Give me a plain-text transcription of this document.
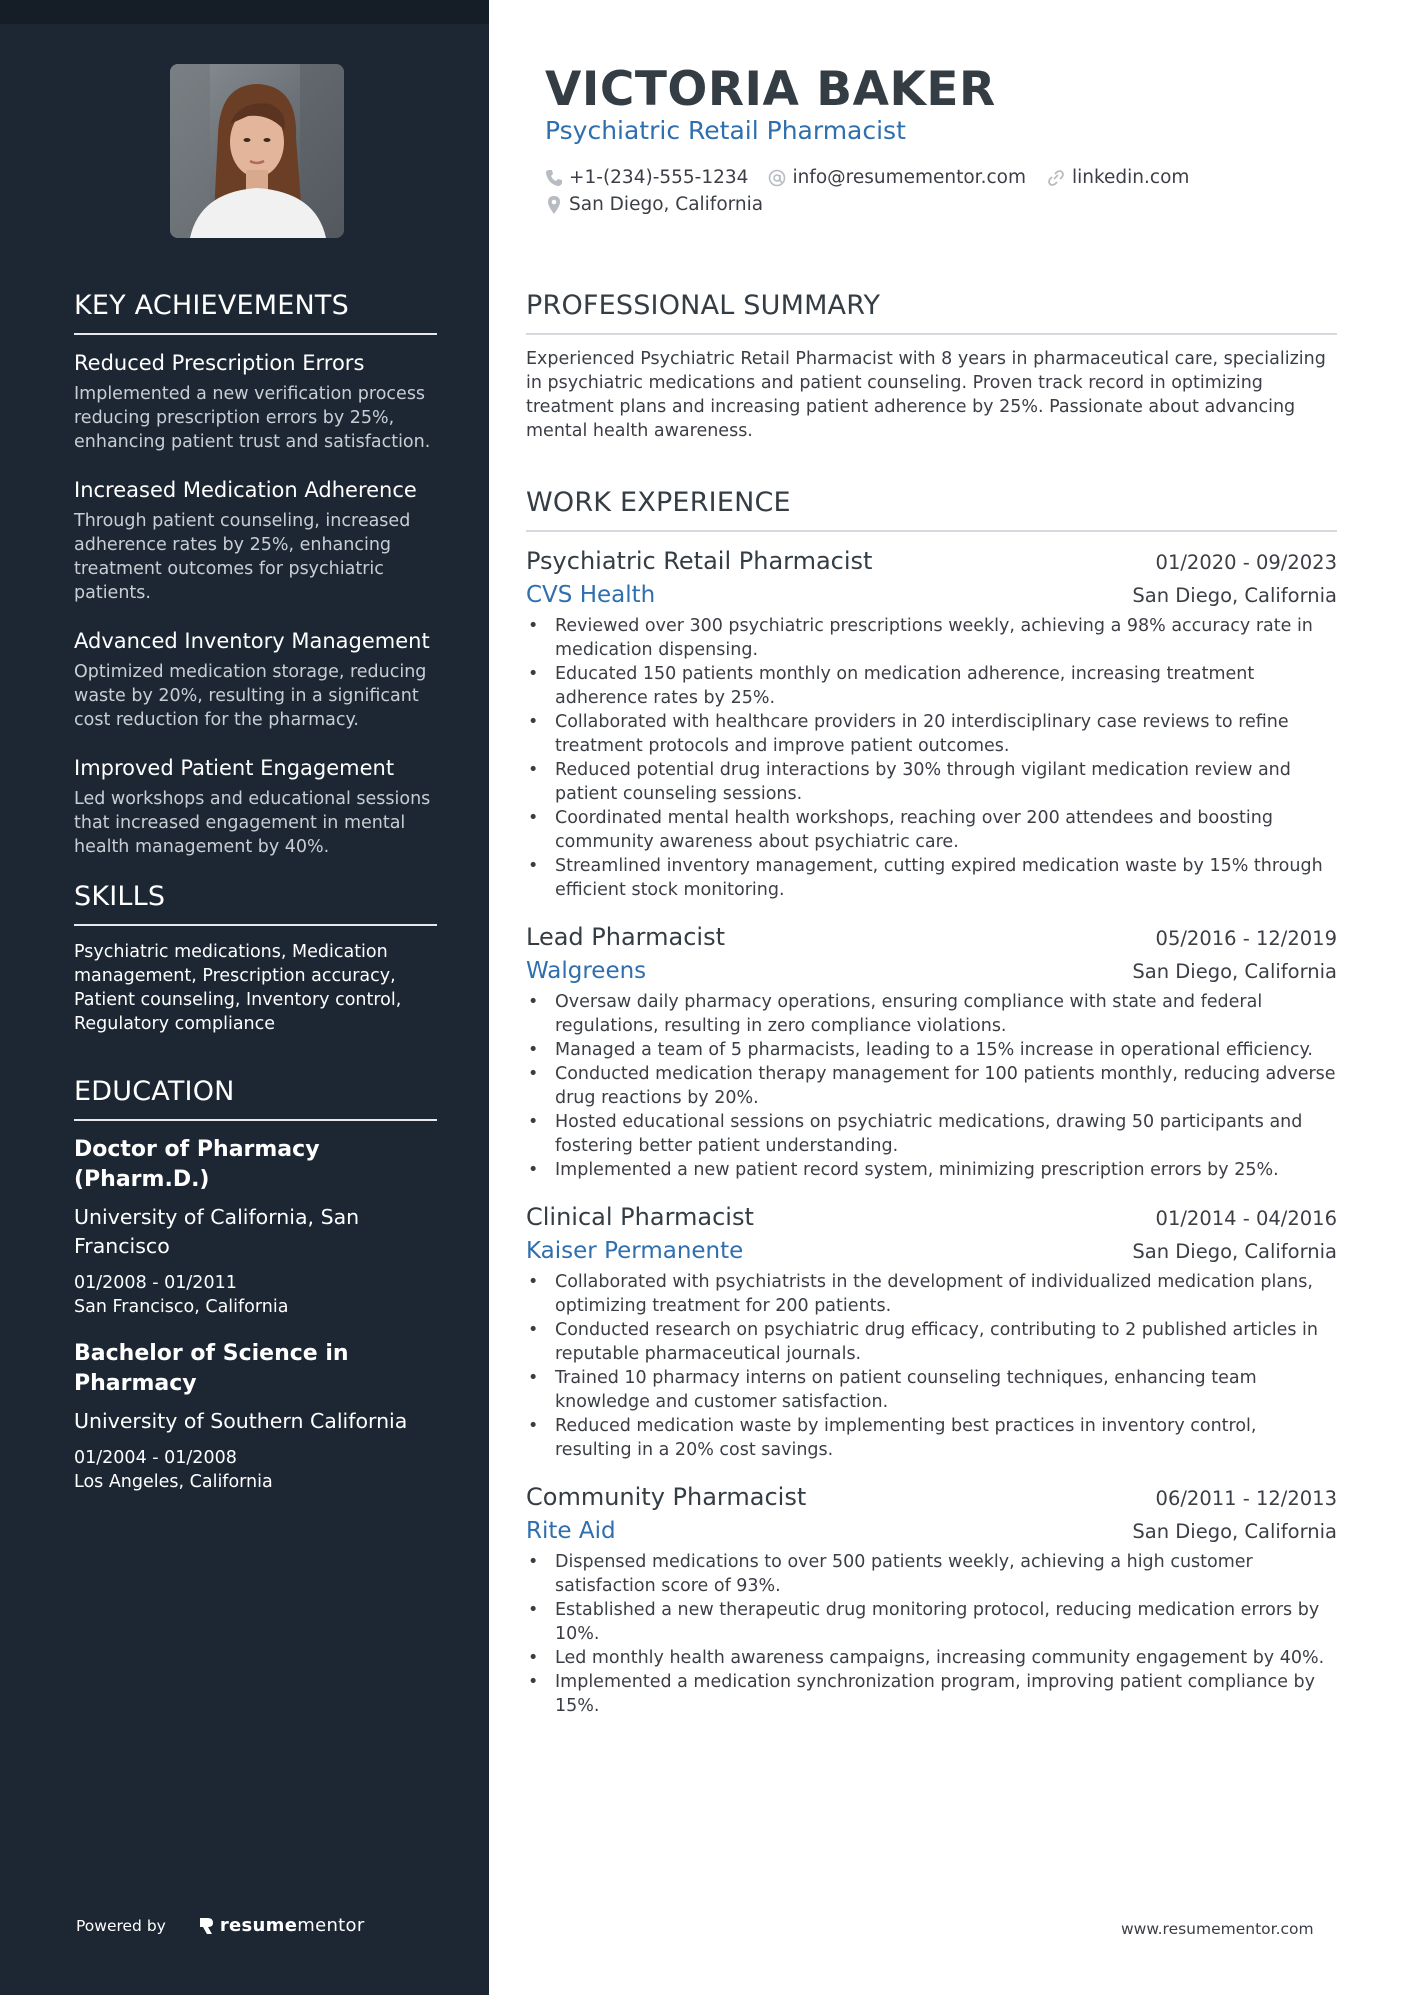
KEY ACHIEVEMENTS
Reduced Prescription Errors
Implemented a new verification process reducing prescription errors by 25%, enhancing patient trust and satisfaction.
Increased Medication Adherence
Through patient counseling, increased adherence rates by 25%, enhancing treatment outcomes for psychiatric patients.
Advanced Inventory Management
Optimized medication storage, reducing waste by 20%, resulting in a significant cost reduction for the pharmacy.
Improved Patient Engagement
Led workshops and educational sessions that increased engagement in mental health management by 40%.
SKILLS
Psychiatric medications, Medication management, Prescription accuracy, Patient counseling, Inventory control, Regulatory compliance
EDUCATION
Doctor of Pharmacy (Pharm.D.)
University of California, San Francisco
01/2008 - 01/2011
San Francisco, California
Bachelor of Science in Pharmacy
University of Southern California
01/2004 - 01/2008
Los Angeles, California
Powered by	resume mentor
VICTORIA BAKER
Psychiatric Retail Pharmacist
+1-(234)-555-1234 info@resumementor.com linkedin.com
San Diego, California
PROFESSIONAL SUMMARY
Experienced Psychiatric Retail Pharmacist with 8 years in pharmaceutical care, specializing in psychiatric medications and patient counseling. Proven track record in optimizing treatment plans and increasing patient adherence by 25%. Passionate about advancing mental health awareness.
WORK EXPERIENCE
Psychiatric Retail Pharmacist	01/2020 - 09/2023
CVS Health	San Diego, California
• Reviewed over 300 psychiatric prescriptions weekly, achieving a 98% accuracy rate in medication dispensing.
• Educated 150 patients monthly on medication adherence, increasing treatment adherence rates by 25%.
• Collaborated with healthcare providers in 20 interdisciplinary case reviews to refine treatment protocols and improve patient outcomes.
• Reduced potential drug interactions by 30% through vigilant medication review and patient counseling sessions.
• Coordinated mental health workshops, reaching over 200 attendees and boosting community awareness about psychiatric care.
• Streamlined inventory management, cutting expired medication waste by 15% through efficient stock monitoring.
Lead Pharmacist	05/2016 - 12/2019
Walgreens	San Diego, California
• Oversaw daily pharmacy operations, ensuring compliance with state and federal regulations, resulting in zero compliance violations.
• Managed a team of 5 pharmacists, leading to a 15% increase in operational efficiency.
• Conducted medication therapy management for 100 patients monthly, reducing adverse drug reactions by 20%.
• Hosted educational sessions on psychiatric medications, drawing 50 participants and fostering better patient understanding.
• Implemented a new patient record system, minimizing prescription errors by 25%.
Clinical Pharmacist	01/2014 - 04/2016
Kaiser Permanente	San Diego, California
• Collaborated with psychiatrists in the development of individualized medication plans, optimizing treatment for 200 patients.
• Conducted research on psychiatric drug efficacy, contributing to 2 published articles in reputable pharmaceutical journals.
• Trained 10 pharmacy interns on patient counseling techniques, enhancing team knowledge and customer satisfaction.
• Reduced medication waste by implementing best practices in inventory control, resulting in a 20% cost savings.
Community Pharmacist	06/2011 - 12/2013
Rite Aid	San Diego, California
• Dispensed medications to over 500 patients weekly, achieving a high customer satisfaction score of 93%.
• Established a new therapeutic drug monitoring protocol, reducing medication errors by 10%.
• Led monthly health awareness campaigns, increasing community engagement by 40%.
• Implemented a medication synchronization program, improving patient compliance by 15%.
www.resumementor.com
